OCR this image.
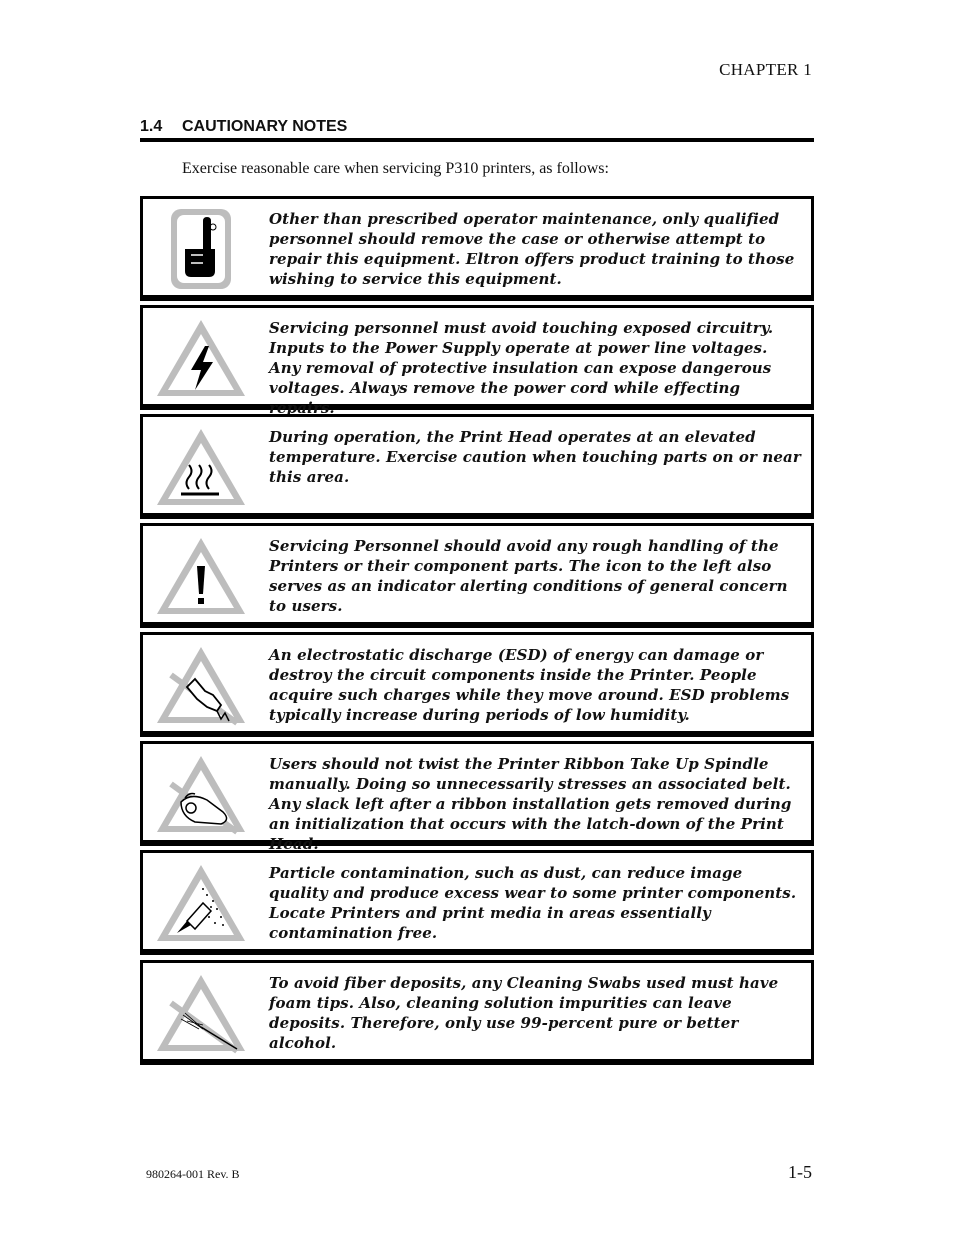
CHAPTER 1
1.4 CAUTIONARY NOTES
Exercise reasonable care when servicing P310 printers, as follows:
Other than prescribed operator maintenance, only qualified personnel should remove the case or otherwise attempt to repair this equipment. Eltron offers product training to those wishing to service this equipment.
Servicing personnel must avoid touching exposed circuitry. Inputs to the Power Supply operate at power line voltages. Any removal of protective insulation can expose dangerous voltages. Always remove the power cord while effecting repairs.
During operation, the Print Head operates at an elevated temperature. Exercise caution when touching parts on or near this area.
Servicing Personnel should avoid any rough handling of the Printers or their component parts. The icon to the left also serves as an indicator alerting conditions of general concern to users.
An electrostatic discharge (ESD) of energy can damage or destroy the circuit components inside the Printer. People acquire such charges while they move around. ESD problems typically increase during periods of low humidity.
Users should not twist the Printer Ribbon Take Up Spindle manually. Doing so unnecessarily stresses an associated belt. Any slack left after a ribbon installation gets removed during an initialization that occurs with the latch-down of the Print Head.
Particle contamination, such as dust, can reduce image quality and produce excess wear to some printer components. Locate Printers and print media in areas essentially contamination free.
To avoid fiber deposits, any Cleaning Swabs used must have foam tips. Also, cleaning solution impurities can leave deposits. Therefore, only use 99-percent pure or better alcohol.
980264-001 Rev. B	1-5
